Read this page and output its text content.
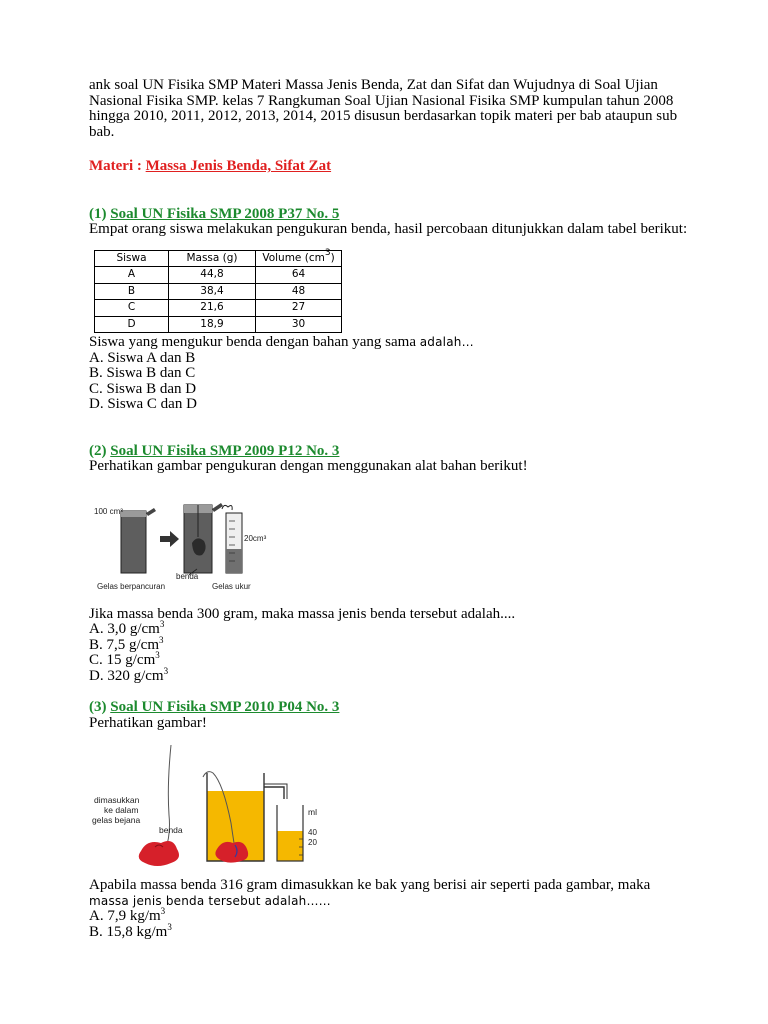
ank soal UN Fisika SMP Materi Massa Jenis Benda, Zat dan Sifat dan Wujudnya di Soal Ujian Nasional Fisika SMP. kelas 7 Rangkuman Soal Ujian Nasional Fisika SMP kumpulan tahun 2008 hingga 2010, 2011, 2012, 2013, 2014, 2015 disusun berdasarkan topik materi per bab ataupun sub bab.

Materi : Massa Jenis Benda, Sifat Zat

(1) Soal UN Fisika SMP 2008 P37 No. 5

Empat orang siswa melakukan pengukuran benda, hasil percobaan ditunjukkan dalam tabel berikut:

Siswa	Massa (g)	Volume $(cm^3)$
A	44,8	64
B	38,4	48
C	21,6	27
D	18,9	30

Siswa yang mengukur benda dengan bahan yang sama adalah…

A. Siswa A dan B

B. Siswa B dan C

C. Siswa B dan D

D. Siswa C dan D

(2) Soal UN Fisika SMP 2009 P12 No. 3

Perhatikan gambar pengukuran dengan menggunakan alat bahan berikut!

100 cm³
20cm³
benda
Gelas berpancuran	Gelas ukur

Jika massa benda 300 gram, maka massa jenis benda tersebut adalah....

A. 3,0 $g/cm^3$

B. 7,5 $g/cm^3$

C. 15 $g/cm^3$

D. 320 $g/cm^3$

(3) Soal UN Fisika SMP 2010 P04 No. 3

Perhatikan gambar!

dimasukkan
ke dalam
gelas bejana
benda
ml
40
20

Apabila massa benda 316 gram dimasukkan ke bak yang berisi air seperti pada gambar, maka

massa jenis benda tersebut adalah……

A. 7,9 $kg/m^3$

B. 15,8 $kg/m^3$
